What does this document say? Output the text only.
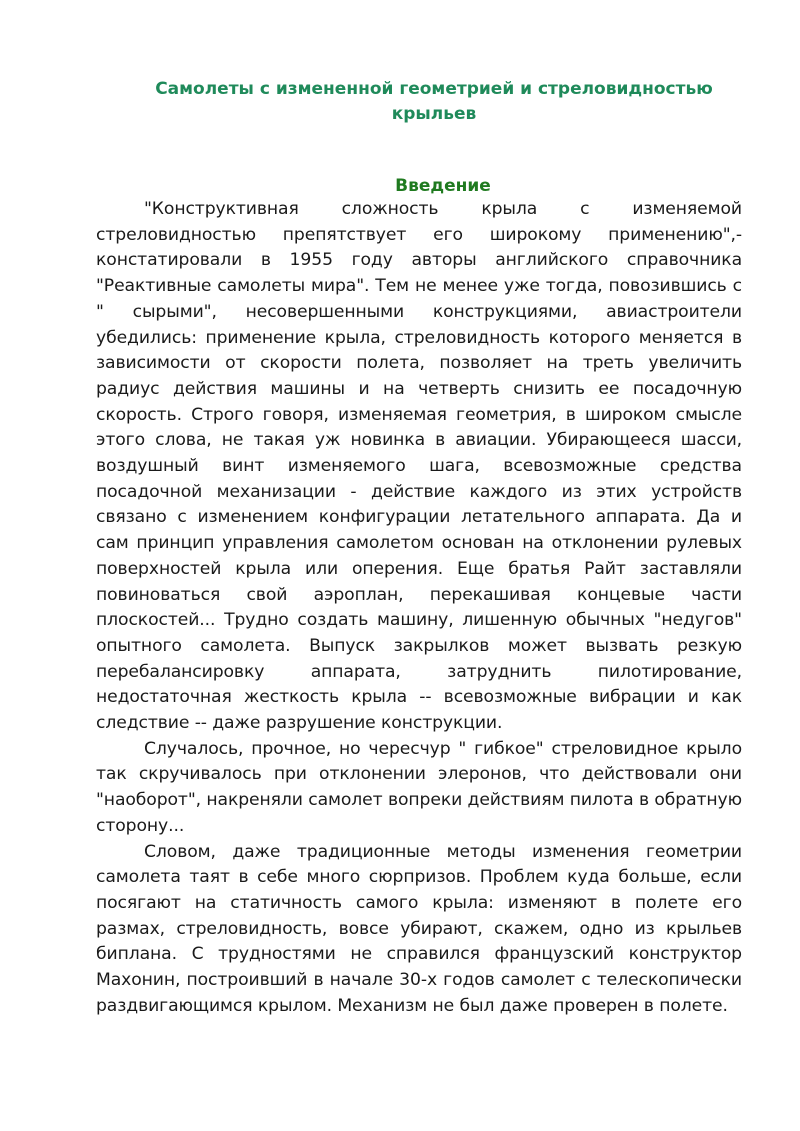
Самолеты с измененной геометрией и стреловидностью крыльев
Введение

"Конструктивная сложность крыла с изменяемой стреловидностью препятствует его широкому применению",- констатировали в 1955 году авторы английского справочника "Реактивные самолеты мира". Тем не менее уже тогда, повозившись с " сырыми", несовершенными конструкциями, авиастроители убедились: применение крыла, стреловидность которого меняется в зависимости от скорости полета, позволяет на треть увеличить радиус действия машины и на четверть снизить ее посадочную скорость. Строго говоря, изменяемая геометрия, в широком смысле этого слова, не такая уж новинка в авиации. Убирающееся шасси, воздушный винт изменяемого шага, всевозможные средства посадочной механизации - действие каждого из этих устройств связано с изменением конфигурации летательного аппарата. Да и сам принцип управления самолетом основан на отклонении рулевых поверхностей крыла или оперения. Еще братья Райт заставляли повиноваться свой аэроплан, перекашивая концевые части плоскостей... Трудно создать машину, лишенную обычных "недугов" опытного самолета. Выпуск закрылков может вызвать резкую перебалансировку аппарата, затруднить пилотирование, недостаточная жесткость крыла -- всевозможные вибрации и как следствие -- даже разрушение конструкции.

Случалось, прочное, но чересчур " гибкое" стреловидное крыло так скручивалось при отклонении элеронов, что действовали они "наоборот", накреняли самолет вопреки действиям пилота в обратную сторону...

Словом, даже традиционные методы изменения геометрии самолета таят в себе много сюрпризов. Проблем куда больше, если посягают на статичность самого крыла: изменяют в полете его размах, стреловидность, вовсе убирают, скажем, одно из крыльев биплана. С трудностями не справился французский конструктор Махонин, построивший в начале 30-х годов самолет с телескопически раздвигающимся крылом. Механизм не был даже проверен в полете.
